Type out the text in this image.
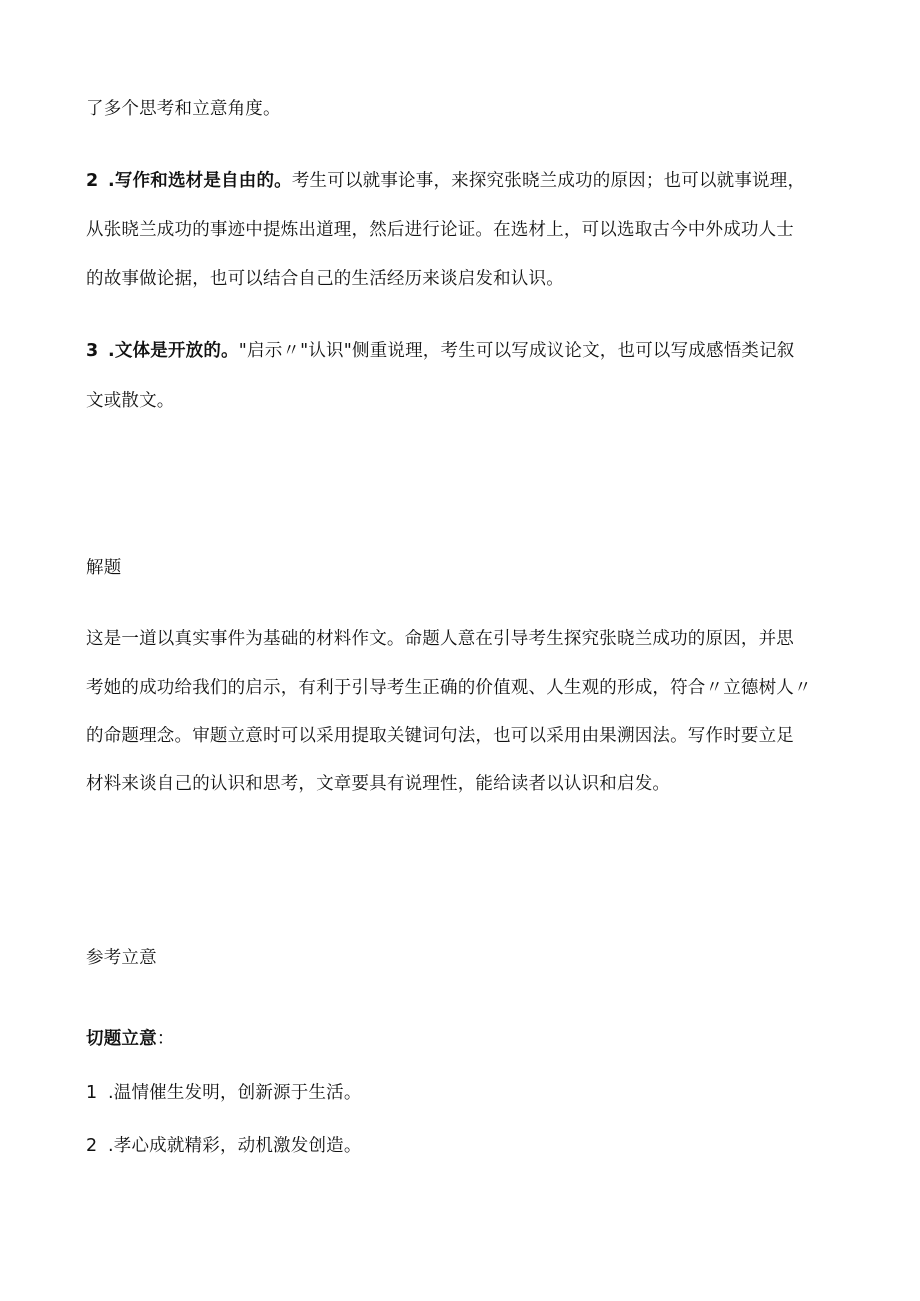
了多个思考和立意角度。
2 .写作和选材是自由的。考生可以就事论事，来探究张晓兰成功的原因；也可以就事说理，
从张晓兰成功的事迹中提炼出道理，然后进行论证。在选材上，可以选取古今中外成功人士
的故事做论据，也可以结合自己的生活经历来谈启发和认识。
3 .文体是开放的。"启示〃"认识"侧重说理，考生可以写成议论文，也可以写成感悟类记叙
文或散文。
解题
这是一道以真实事件为基础的材料作文。命题人意在引导考生探究张晓兰成功的原因，并思
考她的成功给我们的启示，有利于引导考生正确的价值观、人生观的形成，符合〃立德树人〃
的命题理念。审题立意时可以采用提取关键词句法，也可以采用由果溯因法。写作时要立足
材料来谈自己的认识和思考，文章要具有说理性，能给读者以认识和启发。
参考立意
切题立意：
1 .温情催生发明，创新源于生活。
2 .孝心成就精彩，动机激发创造。
